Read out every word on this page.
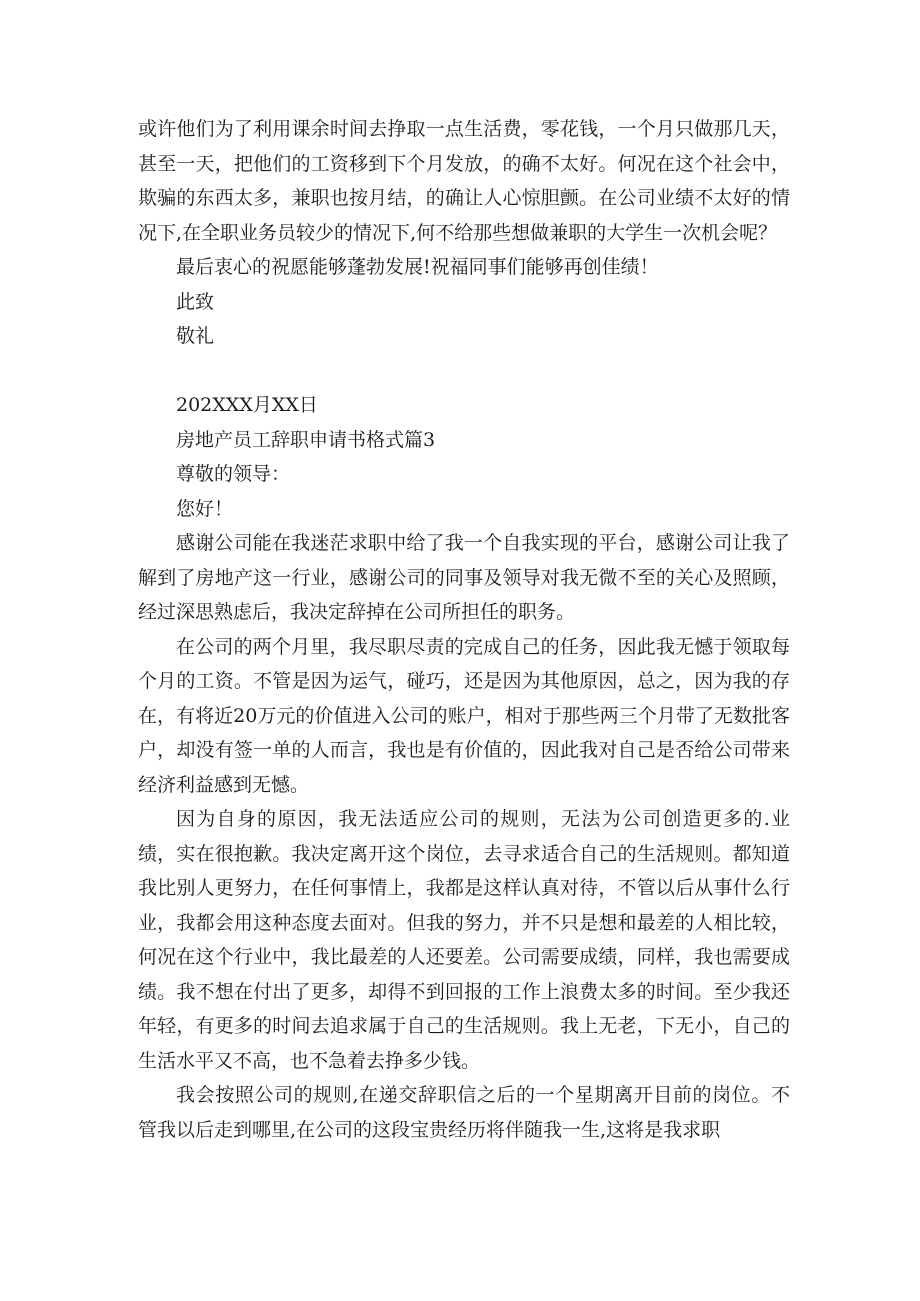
或许他们为了利用课余时间去挣取一点生活费，零花钱，一个月只做那几天，甚至一天，把他们的工资移到下个月发放，的确不太好。何况在这个社会中，欺骗的东西太多，兼职也按月结，的确让人心惊胆颤。在公司业绩不太好的情况下,在全职业务员较少的情况下,何不给那些想做兼职的大学生一次机会呢？

最后衷心的祝愿能够蓬勃发展!祝福同事们能够再创佳绩！

此致

敬礼

202XXX月XX日

房地产员工辞职申请书格式篇3

尊敬的领导：

您好！

感谢公司能在我迷茫求职中给了我一个自我实现的平台，感谢公司让我了解到了房地产这一行业，感谢公司的同事及领导对我无微不至的关心及照顾，经过深思熟虑后，我决定辞掉在公司所担任的职务。

在公司的两个月里，我尽职尽责的完成自己的任务，因此我无憾于领取每个月的工资。不管是因为运气，碰巧，还是因为其他原因，总之，因为我的存在，有将近20万元的价值进入公司的账户，相对于那些两三个月带了无数批客户，却没有签一单的人而言，我也是有价值的，因此我对自己是否给公司带来经济利益感到无憾。

因为自身的原因，我无法适应公司的规则，无法为公司创造更多的.业绩，实在很抱歉。我决定离开这个岗位，去寻求适合自己的生活规则。都知道我比别人更努力，在任何事情上，我都是这样认真对待，不管以后从事什么行业，我都会用这种态度去面对。但我的努力，并不只是想和最差的人相比较，何况在这个行业中，我比最差的人还要差。公司需要成绩，同样，我也需要成绩。我不想在付出了更多，却得不到回报的工作上浪费太多的时间。至少我还年轻，有更多的时间去追求属于自己的生活规则。我上无老，下无小，自己的生活水平又不高，也不急着去挣多少钱。

我会按照公司的规则,在递交辞职信之后的一个星期离开目前的岗位。不管我以后走到哪里,在公司的这段宝贵经历将伴随我一生,这将是我求职
